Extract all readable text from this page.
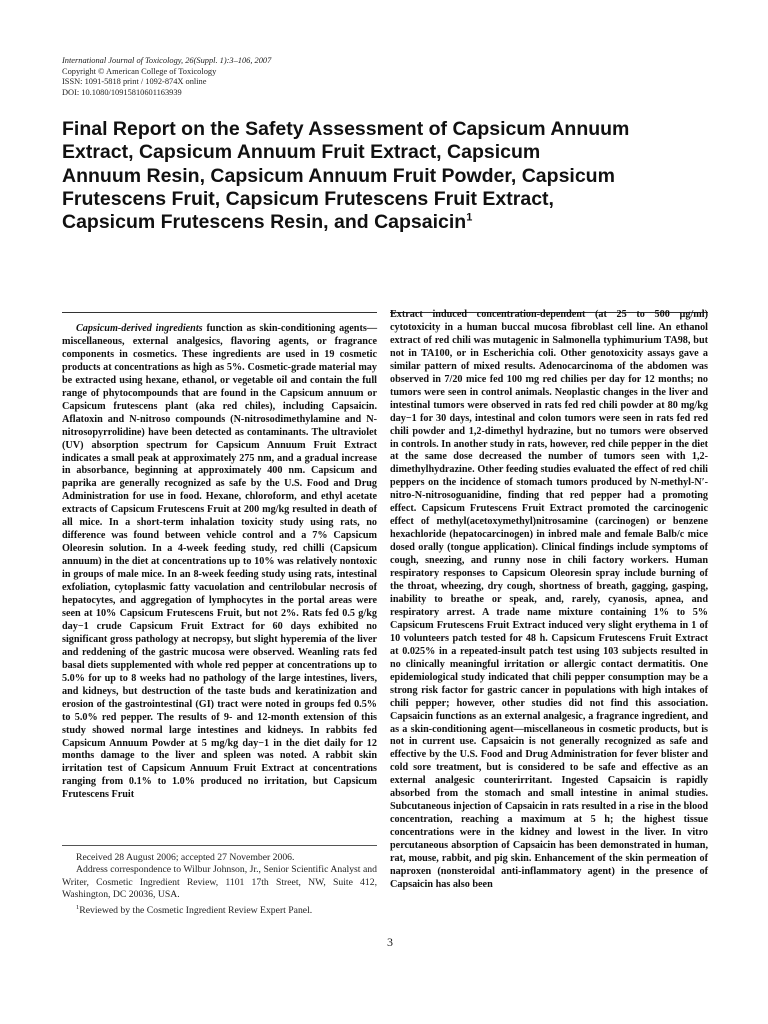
International Journal of Toxicology, 26(Suppl. 1):3–106, 2007
Copyright © American College of Toxicology
ISSN: 1091-5818 print / 1092-874X online
DOI: 10.1080/10915810601163939
Final Report on the Safety Assessment of Capsicum Annuum
Extract, Capsicum Annuum Fruit Extract, Capsicum
Annuum Resin, Capsicum Annuum Fruit Powder, Capsicum
Frutescens Fruit, Capsicum Frutescens Fruit Extract,
Capsicum Frutescens Resin, and Capsaicin$^1$

Capsicum-derived ingredients function as skin-conditioning agents—miscellaneous, external analgesics, flavoring agents, or fragrance components in cosmetics. These ingredients are used in 19 cosmetic products at concentrations as high as 5%. Cosmetic-grade material may be extracted using hexane, ethanol, or vegetable oil and contain the full range of phytocompounds that are found in the Capsicum annuum or Capsicum frutescens plant (aka red chiles), including Capsaicin. Aflatoxin and N-nitroso compounds (N-nitrosodimethylamine and N-nitrosopyrrolidine) have been detected as contaminants. The ultraviolet (UV) absorption spectrum for Capsicum Annuum Fruit Extract indicates a small peak at approximately 275 nm, and a gradual increase in absorbance, beginning at approximately 400 nm. Capsicum and paprika are generally recognized as safe by the U.S. Food and Drug Administration for use in food. Hexane, chloroform, and ethyl acetate extracts of Capsicum Frutescens Fruit at 200 mg/kg resulted in death of all mice. In a short-term inhalation toxicity study using rats, no difference was found between vehicle control and a 7% Capsicum Oleoresin solution. In a 4-week feeding study, red chilli (Capsicum annuum) in the diet at concentrations up to 10% was relatively nontoxic in groups of male mice. In an 8-week feeding study using rats, intestinal exfoliation, cytoplasmic fatty vacuolation and centrilobular necrosis of hepatocytes, and aggregation of lymphocytes in the portal areas were seen at 10% Capsicum Frutescens Fruit, but not 2%. Rats fed 0.5 g/kg day−1 crude Capsicum Fruit Extract for 60 days exhibited no significant gross pathology at necropsy, but slight hyperemia of the liver and reddening of the gastric mucosa were observed. Weanling rats fed basal diets supplemented with whole red pepper at concentrations up to 5.0% for up to 8 weeks had no pathology of the large intestines, livers, and kidneys, but destruction of the taste buds and keratinization and erosion of the gastrointestinal (GI) tract were noted in groups fed 0.5% to 5.0% red pepper. The results of 9- and 12-month extension of this study showed normal large intestines and kidneys. In rabbits fed Capsicum Annuum Powder at 5 mg/kg day−1 in the diet daily for 12 months damage to the liver and spleen was noted. A rabbit skin irritation test of Capsicum Annuum Fruit Extract at concentrations ranging from 0.1% to 1.0% produced no irritation, but Capsicum Frutescens Fruit

Extract induced concentration-dependent (at 25 to 500 µg/ml) cytotoxicity in a human buccal mucosa fibroblast cell line. An ethanol extract of red chili was mutagenic in Salmonella typhimurium TA98, but not in TA100, or in Escherichia coli. Other genotoxicity assays gave a similar pattern of mixed results. Adenocarcinoma of the abdomen was observed in 7/20 mice fed 100 mg red chilies per day for 12 months; no tumors were seen in control animals. Neoplastic changes in the liver and intestinal tumors were observed in rats fed red chili powder at 80 mg/kg day−1 for 30 days, intestinal and colon tumors were seen in rats fed red chili powder and 1,2-dimethyl hydrazine, but no tumors were observed in controls. In another study in rats, however, red chile pepper in the diet at the same dose decreased the number of tumors seen with 1,2-dimethylhydrazine. Other feeding studies evaluated the effect of red chili peppers on the incidence of stomach tumors produced by N-methyl-N′-nitro-N-nitrosoguanidine, finding that red pepper had a promoting effect. Capsicum Frutescens Fruit Extract promoted the carcinogenic effect of methyl(acetoxymethyl)nitrosamine (carcinogen) or benzene hexachloride (hepatocarcinogen) in inbred male and female Balb/c mice dosed orally (tongue application). Clinical findings include symptoms of cough, sneezing, and runny nose in chili factory workers. Human respiratory responses to Capsicum Oleoresin spray include burning of the throat, wheezing, dry cough, shortness of breath, gagging, gasping, inability to breathe or speak, and, rarely, cyanosis, apnea, and respiratory arrest. A trade name mixture containing 1% to 5% Capsicum Frutescens Fruit Extract induced very slight erythema in 1 of 10 volunteers patch tested for 48 h. Capsicum Frutescens Fruit Extract at 0.025% in a repeated-insult patch test using 103 subjects resulted in no clinically meaningful irritation or allergic contact dermatitis. One epidemiological study indicated that chili pepper consumption may be a strong risk factor for gastric cancer in populations with high intakes of chili pepper; however, other studies did not find this association. Capsaicin functions as an external analgesic, a fragrance ingredient, and as a skin-conditioning agent—miscellaneous in cosmetic products, but is not in current use. Capsaicin is not generally recognized as safe and effective by the U.S. Food and Drug Administration for fever blister and cold sore treatment, but is considered to be safe and effective as an external analgesic counterirritant. Ingested Capsaicin is rapidly absorbed from the stomach and small intestine in animal studies. Subcutaneous injection of Capsaicin in rats resulted in a rise in the blood concentration, reaching a maximum at 5 h; the highest tissue concentrations were in the kidney and lowest in the liver. In vitro percutaneous absorption of Capsaicin has been demonstrated in human, rat, mouse, rabbit, and pig skin. Enhancement of the skin permeation of naproxen (nonsteroidal anti-inflammatory agent) in the presence of Capsaicin has also been

Received 28 August 2006; accepted 27 November 2006.

Address correspondence to Wilbur Johnson, Jr., Senior Scientific Analyst and Writer, Cosmetic Ingredient Review, 1101 17th Street, NW, Suite 412, Washington, DC 20036, USA.

$^1$Reviewed by the Cosmetic Ingredient Review Expert Panel.

3
